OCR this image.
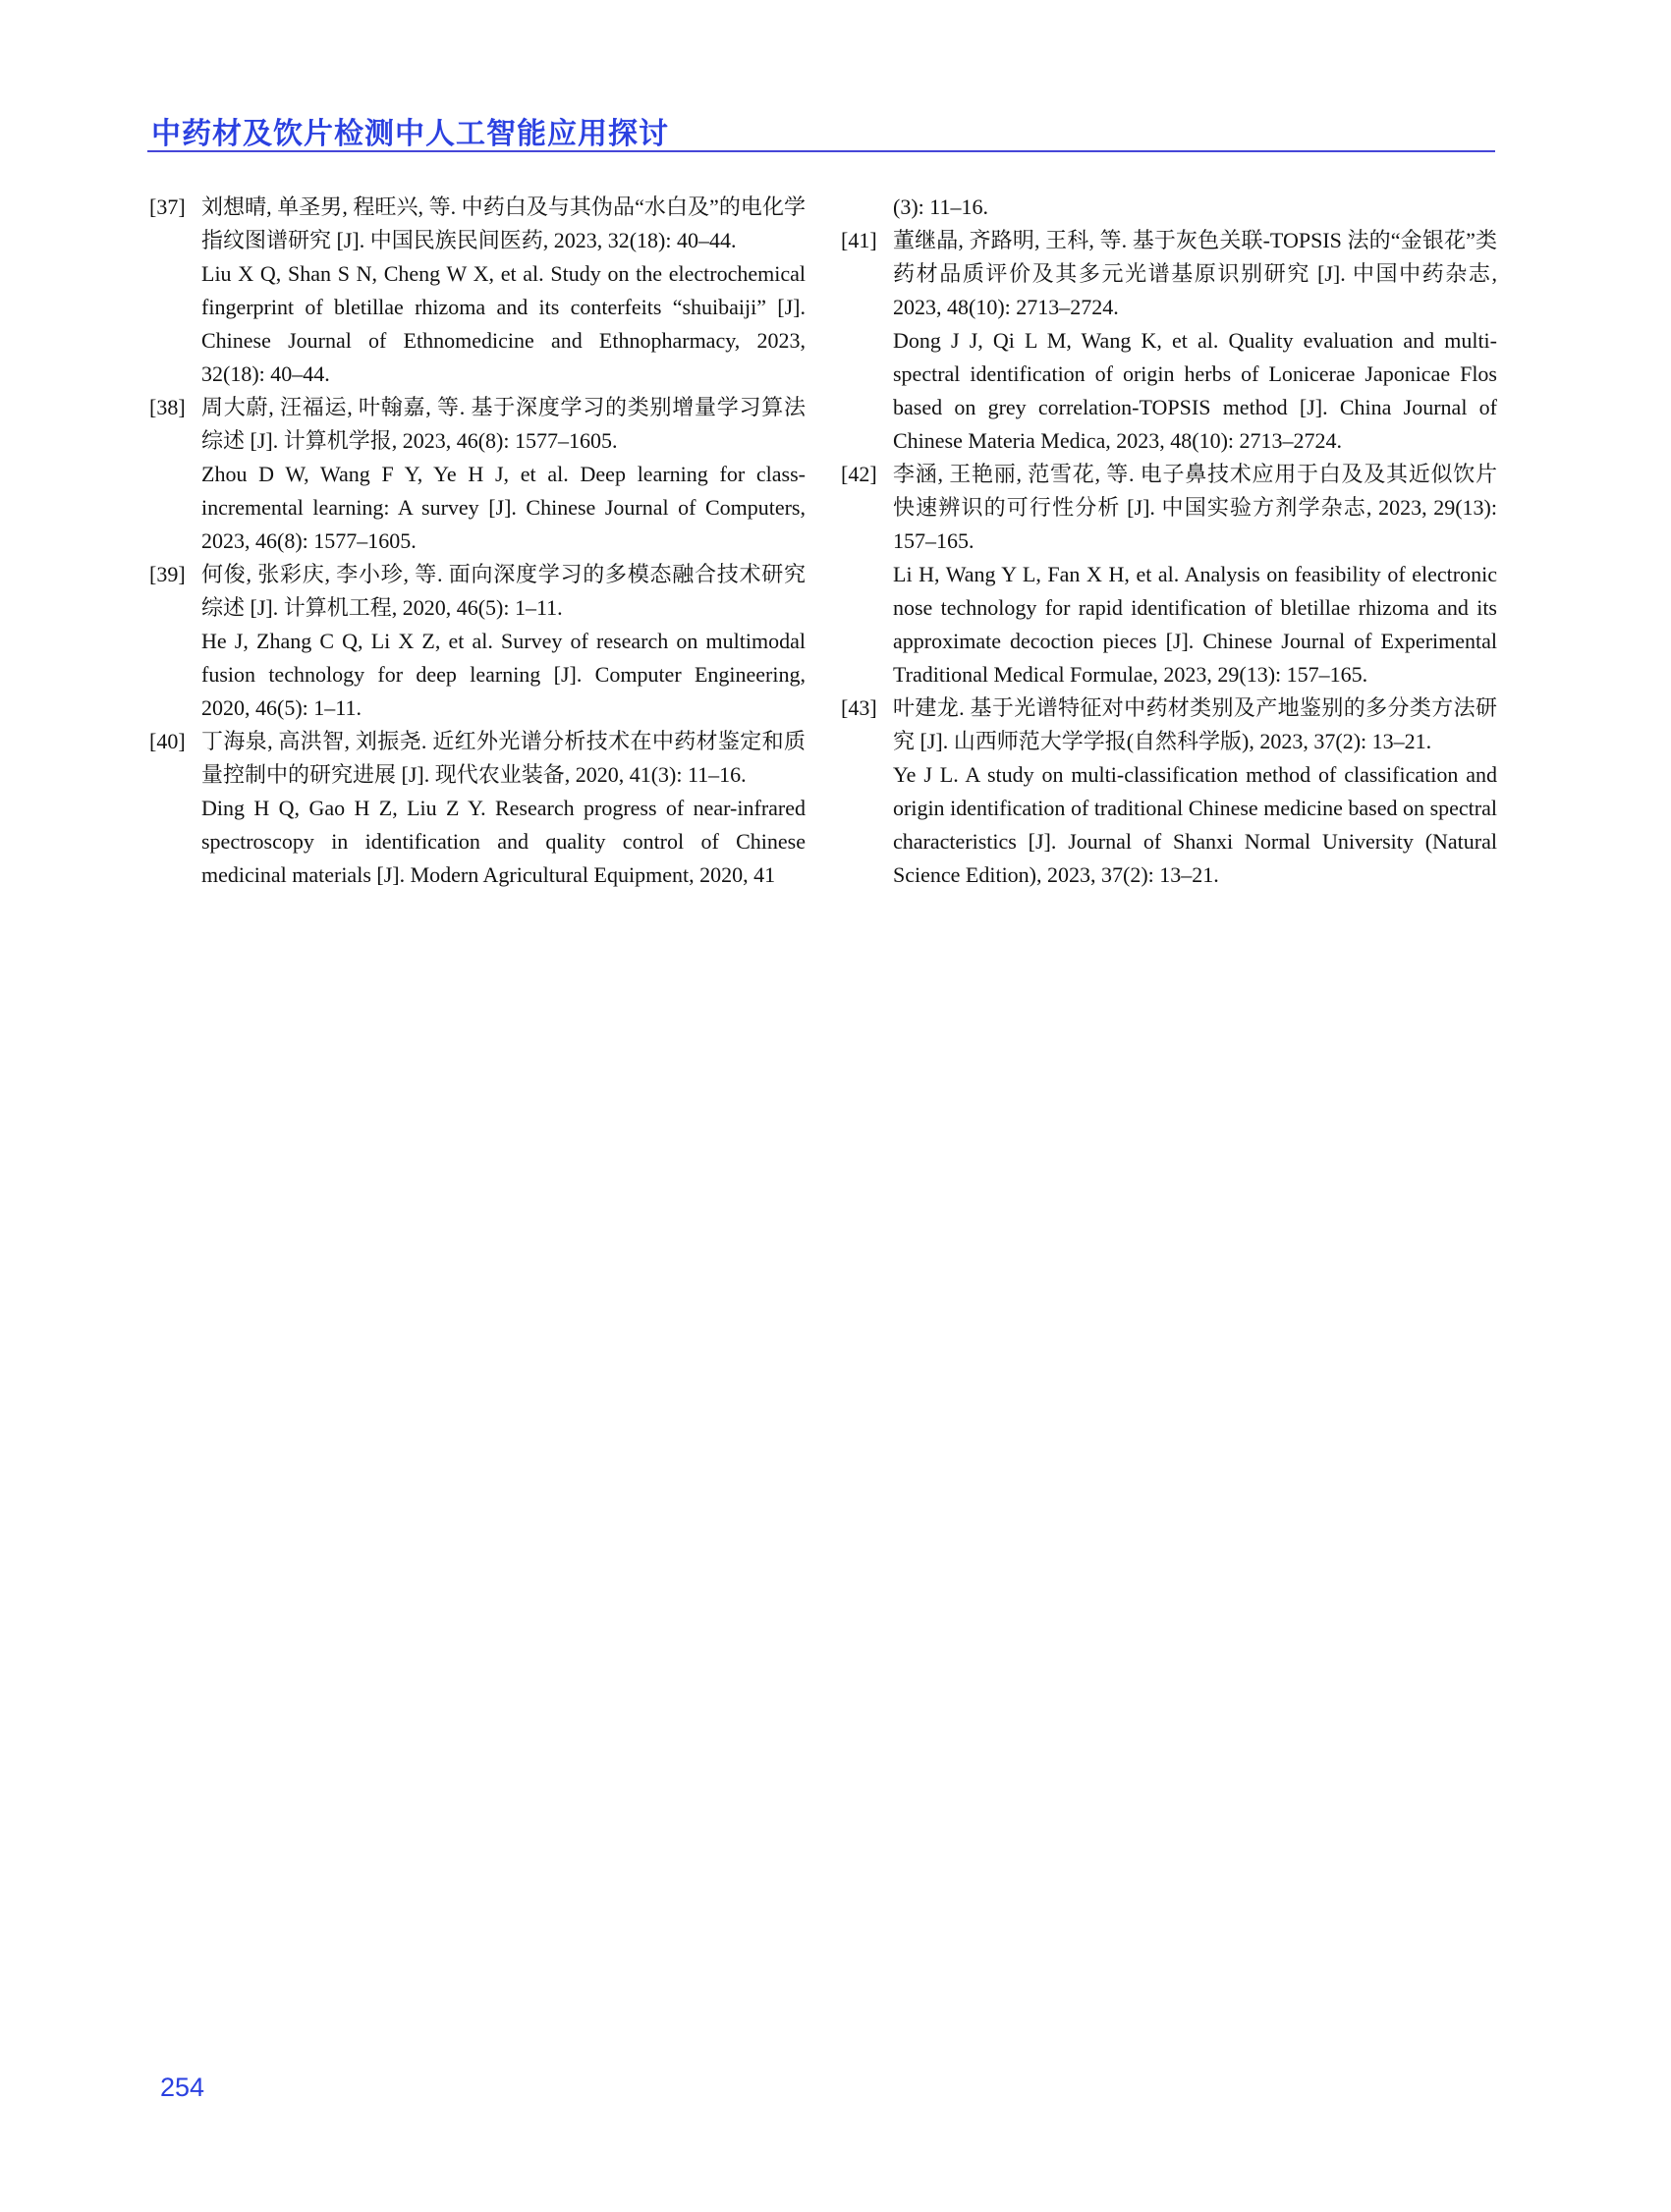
中药材及饮片检测中人工智能应用探讨
[37] 刘想晴, 单圣男, 程旺兴, 等. 中药白及与其伪品“水白及”的电化学指纹图谱研究 [J]. 中国民族民间医药, 2023, 32(18): 40–44.

Liu X Q, Shan S N, Cheng W X, et al. Study on the electrochemical fingerprint of bletillae rhizoma and its conterfeits “shuibaiji” [J]. Chinese Journal of Ethnomedicine and Ethnopharmacy, 2023, 32(18): 40–44.

[38] 周大蔚, 汪福运, 叶翰嘉, 等. 基于深度学习的类别增量学习算法综述 [J]. 计算机学报, 2023, 46(8): 1577–1605.

Zhou D W, Wang F Y, Ye H J, et al. Deep learning for class-incremental learning: A survey [J]. Chinese Journal of Computers, 2023, 46(8): 1577–1605.

[39] 何俊, 张彩庆, 李小珍, 等. 面向深度学习的多模态融合技术研究综述 [J]. 计算机工程, 2020, 46(5): 1–11.

He J, Zhang C Q, Li X Z, et al. Survey of research on multimodal fusion technology for deep learning [J]. Computer Engineering, 2020, 46(5): 1–11.

[40] 丁海泉, 高洪智, 刘振尧. 近红外光谱分析技术在中药材鉴定和质量控制中的研究进展 [J]. 现代农业装备, 2020, 41(3): 11–16.

Ding H Q, Gao H Z, Liu Z Y. Research progress of near-infrared spectroscopy in identification and quality control of Chinese medicinal materials [J]. Modern Agricultural Equipment, 2020, 41

(3): 11–16.

[41] 董继晶, 齐路明, 王科, 等. 基于灰色关联-TOPSIS 法的“金银花”类药材品质评价及其多元光谱基原识别研究 [J]. 中国中药杂志, 2023, 48(10): 2713–2724.

Dong J J, Qi L M, Wang K, et al. Quality evaluation and multi-spectral identification of origin herbs of Lonicerae Japonicae Flos based on grey correlation-TOPSIS method [J]. China Journal of Chinese Materia Medica, 2023, 48(10): 2713–2724.

[42] 李涵, 王艳丽, 范雪花, 等. 电子鼻技术应用于白及及其近似饮片快速辨识的可行性分析 [J]. 中国实验方剂学杂志, 2023, 29(13): 157–165.

Li H, Wang Y L, Fan X H, et al. Analysis on feasibility of electronic nose technology for rapid identification of bletillae rhizoma and its approximate decoction pieces [J]. Chinese Journal of Experimental Traditional Medical Formulae, 2023, 29(13): 157–165.

[43] 叶建龙. 基于光谱特征对中药材类别及产地鉴别的多分类方法研究 [J]. 山西师范大学学报(自然科学版), 2023, 37(2): 13–21.

Ye J L. A study on multi-classification method of classification and origin identification of traditional Chinese medicine based on spectral characteristics [J]. Journal of Shanxi Normal University (Natural Science Edition), 2023, 37(2): 13–21.

254
